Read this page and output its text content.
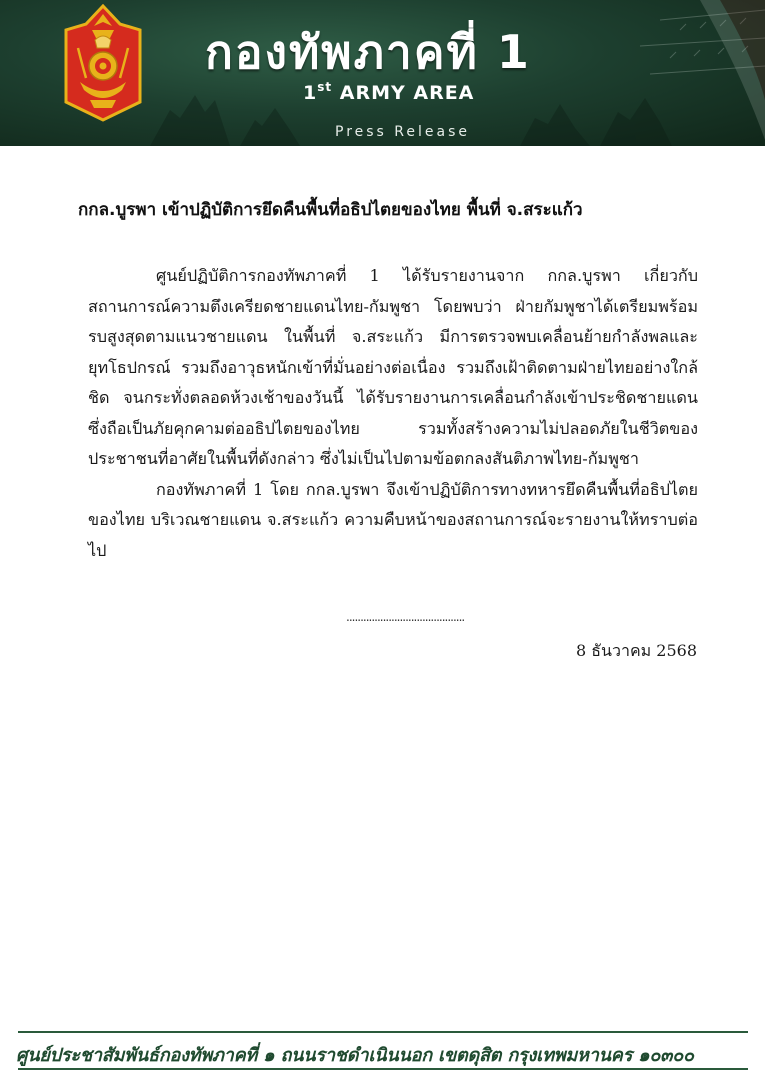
กองทัพภาคที่ 1
1st ARMY AREA
Press Release
กกล.บูรพา เข้าปฏิบัติการยึดคืนพื้นที่อธิปไตยของไทย พื้นที่ จ.สระแก้ว

ศูนย์ปฏิบัติการกองทัพภาคที่ 1 ได้รับรายงานจาก กกล.บูรพา เกี่ยวกับสถานการณ์ความตึงเครียดชายแดนไทย-กัมพูชา โดยพบว่า ฝ่ายกัมพูชาได้เตรียมพร้อมรบสูงสุดตามแนวชายแดน ในพื้นที่ จ.สระแก้ว มีการตรวจพบเคลื่อนย้ายกำลังพลและยุทโธปกรณ์ รวมถึงอาวุธหนักเข้าที่มั่นอย่างต่อเนื่อง รวมถึงเฝ้าติดตามฝ่ายไทยอย่างใกล้ชิด จนกระทั่งตลอดห้วงเช้าของวันนี้ ได้รับรายงานการเคลื่อนกำลังเข้าประชิดชายแดน ซึ่งถือเป็นภัยคุกคามต่ออธิปไตยของไทย รวมทั้งสร้างความไม่ปลอดภัยในชีวิตของประชาชนที่อาศัยในพื้นที่ดังกล่าว ซึ่งไม่เป็นไปตามข้อตกลงสันติภาพไทย-กัมพูชา

กองทัพภาคที่ 1 โดย กกล.บูรพา จึงเข้าปฏิบัติการทางทหารยึดคืนพื้นที่อธิปไตยของไทย บริเวณชายแดน จ.สระแก้ว ความคืบหน้าของสถานการณ์จะรายงานให้ทราบต่อไป

..........................................
8 ธันวาคม 2568
ศูนย์ประชาสัมพันธ์กองทัพภาคที่ ๑ ถนนราชดำเนินนอก เขตดุสิต กรุงเทพมหานคร ๑๐๓๐๐
